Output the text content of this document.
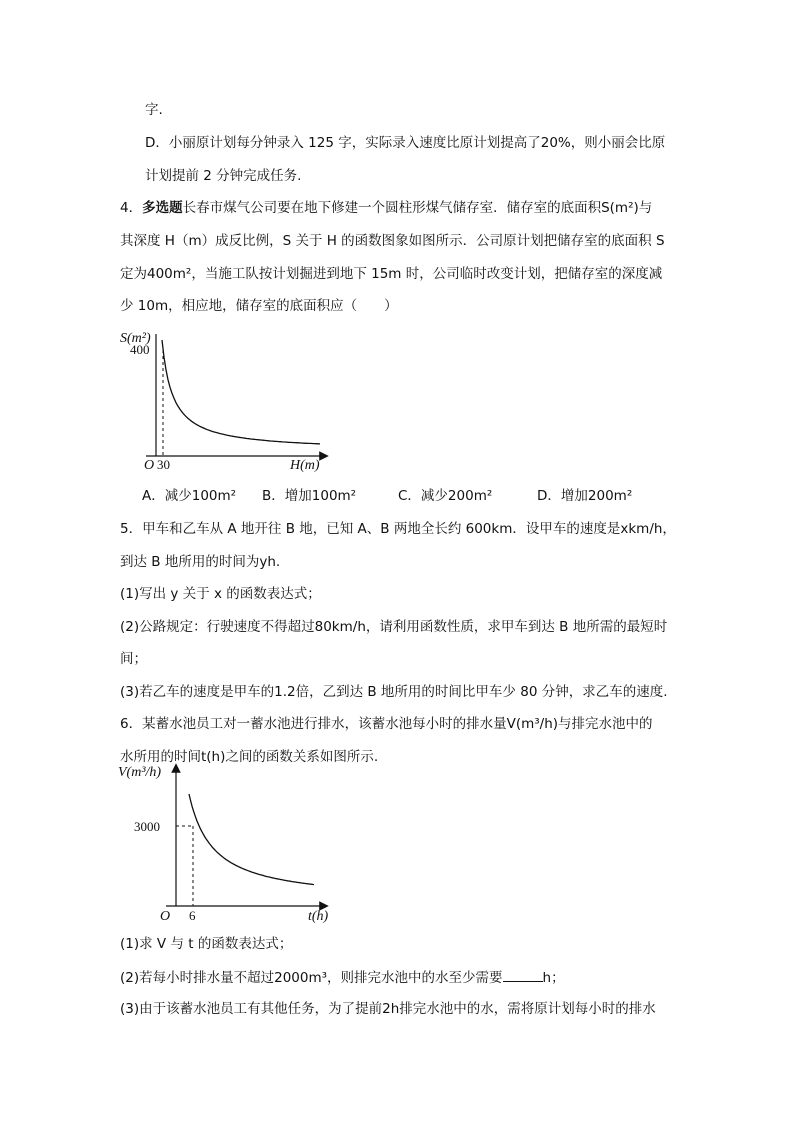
字.
D．小丽原计划每分钟录入 125 字，实际录入速度比原计划提高了20%，则小丽会比原
计划提前 2 分钟完成任务.
4．多选题长春市煤气公司要在地下修建一个圆柱形煤气储存室．储存室的底面积S(m²)与
其深度 H（m）成反比例，S 关于 H 的函数图象如图所示．公司原计划把储存室的底面积 S
定为400m²，当施工队按计划掘进到地下 15m 时，公司临时改变计划，把储存室的深度减
少 10m，相应地，储存室的底面积应（　　）
S(m²)
400
O 30	H(m)
A．减少100m² B．增加100m²	C．减少200m²	D．增加200m²
5．甲车和乙车从 A 地开往 B 地，已知 A、B 两地全长约 600km．设甲车的速度是xkm/h，
到达 B 地所用的时间为yh.
(1)写出 y 关于 x 的函数表达式；
(2)公路规定：行驶速度不得超过80km/h，请利用函数性质，求甲车到达 B 地所需的最短时
间；
(3)若乙车的速度是甲车的1.2倍，乙到达 B 地所用的时间比甲车少 80 分钟，求乙车的速度.
6．某蓄水池员工对一蓄水池进行排水，该蓄水池每小时的排水量V(m³/h)与排完水池中的
水所用的时间t(h)之间的函数关系如图所示.
V(m³/h)
3000
O 6	t(h)
(1)求 V 与 t 的函数表达式；
(2)若每小时排水量不超过2000m³，则排完水池中的水至少需要	h；
(3)由于该蓄水池员工有其他任务，为了提前2h排完水池中的水，需将原计划每小时的排水
